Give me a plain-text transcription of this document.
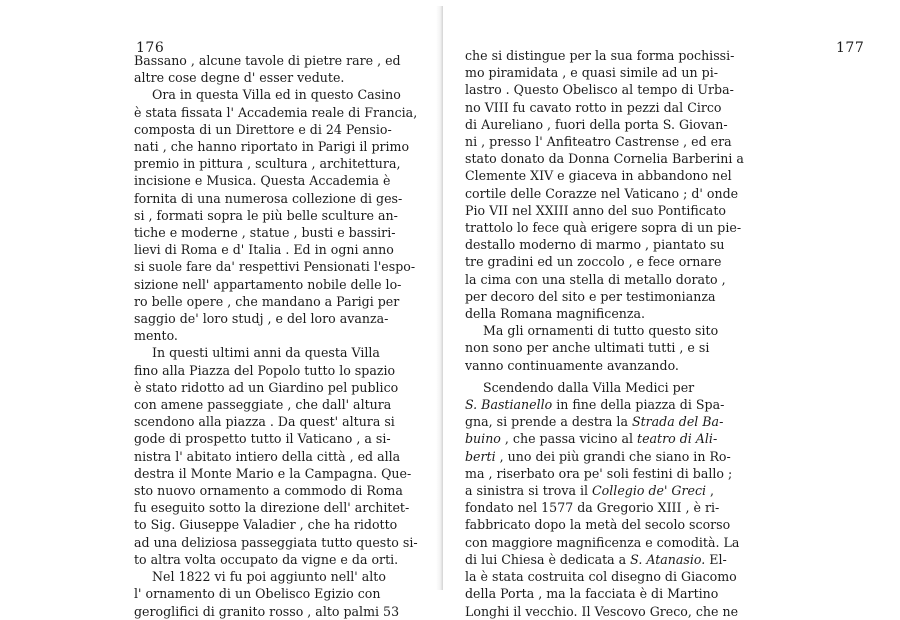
176
Bassano , alcune tavole di pietre rare , ed
altre cose degne d' esser vedute.
Ora in questa Villa ed in questo Casino
è stata fissata l' Accademia reale di Francia,
composta di un Direttore e di 24 Pensio-
nati , che hanno riportato in Parigi il primo
premio in pittura , scultura , architettura,
incisione e Musica. Questa Accademia è
fornita di una numerosa collezione di ges-
si , formati sopra le più belle sculture an-
tiche e moderne , statue , busti e bassiri-
lievi di Roma e d' Italia . Ed in ogni anno
si suole fare da' respettivi Pensionati l'espo-
sizione nell' appartamento nobile delle lo-
ro belle opere , che mandano a Parigi per
saggio de' loro studj , e del loro avanza-
mento.
In questi ultimi anni da questa Villa
fino alla Piazza del Popolo tutto lo spazio
è stato ridotto ad un Giardino pel publico
con amene passeggiate , che dall' altura
scendono alla piazza . Da quest' altura si
gode di prospetto tutto il Vaticano , a si-
nistra l' abitato intiero della città , ed alla
destra il Monte Mario e la Campagna. Que-
sto nuovo ornamento a commodo di Roma
fu eseguito sotto la direzione dell' architet-
to Sig. Giuseppe Valadier , che ha ridotto
ad una deliziosa passeggiata tutto questo si-
to altra volta occupato da vigne e da orti.
Nel 1822 vi fu poi aggiunto nell' alto
l' ornamento di un Obelisco Egizio con
geroglifici di granito rosso , alto palmi 53
177
che si distingue per la sua forma pochissi-
mo piramidata , e quasi simile ad un pi-
lastro . Questo Obelisco al tempo di Urba-
no VIII fu cavato rotto in pezzi dal Circo
di Aureliano , fuori della porta S. Giovan-
ni , presso l' Anfiteatro Castrense , ed era
stato donato da Donna Cornelia Barberini a
Clemente XIV e giaceva in abbandono nel
cortile delle Corazze nel Vaticano ; d' onde
Pio VII nel XXIII anno del suo Pontificato
trattolo lo fece quà erigere sopra di un pie-
destallo moderno di marmo , piantato su
tre gradini ed un zoccolo , e fece ornare
la cima con una stella di metallo dorato ,
per decoro del sito e per testimonianza
della Romana magnificenza.
Ma gli ornamenti di tutto questo sito
non sono per anche ultimati tutti , e si
vanno continuamente avanzando.
Scendendo dalla Villa Medici per
S. Bastianello in fine della piazza di Spa-
gna, si prende a destra la Strada del Ba-
buino , che passa vicino al teatro di Ali-
berti , uno dei più grandi che siano in Ro-
ma , riserbato ora pe' soli festini di ballo ;
a sinistra si trova il Collegio de' Greci ,
fondato nel 1577 da Gregorio XIII , è ri-
fabbricato dopo la metà del secolo scorso
con maggiore magnificenza e comodità. La
di lui Chiesa è dedicata a S. Atanasio. El-
la è stata costruita col disegno di Giacomo
della Porta , ma la facciata è di Martino
Longhi il vecchio. Il Vescovo Greco, che ne
